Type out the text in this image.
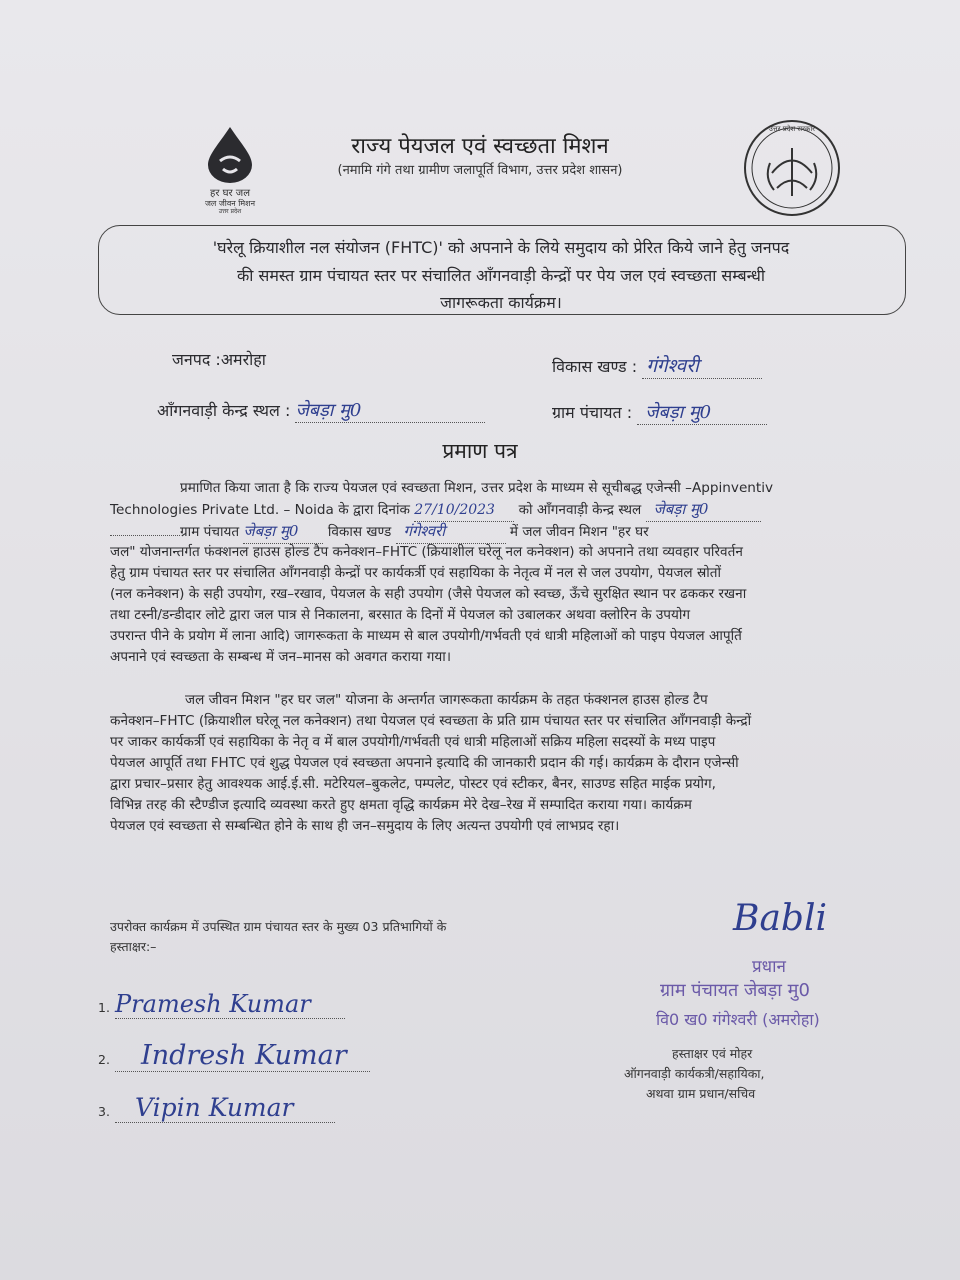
हर घर जल
जल जीवन मिशन
उत्तर प्रदेश
राज्य पेयजल एवं स्वच्छता मिशन
(नमामि गंगे तथा ग्रामीण जलापूर्ति विभाग, उत्तर प्रदेश शासन)
उत्तर प्रदेश सरकार
'घरेलू क्रियाशील नल संयोजन (FHTC)' को अपनाने के लिये समुदाय को प्रेरित किये जाने हेतु जनपद
की समस्त ग्राम पंचायत स्तर पर संचालित आँगनवाड़ी केन्द्रों पर पेय जल एवं स्वच्छता सम्बन्धी
जागरूकता कार्यक्रम।
जनपद :अमरोहा	विकास खण्ड : गंगेश्वरी
आँगनवाड़ी केन्द्र स्थल : जेबड़ा मु0	ग्राम पंचायत : जेबड़ा मु0
प्रमाण पत्र
प्रमाणित किया जाता है कि राज्य पेयजल एवं स्वच्छता मिशन, उत्तर प्रदेश के माध्यम से सूचीबद्ध एजेन्सी –Appinventiv
Technologies Private Ltd. – Noida के द्वारा दिनांक 27/10/2023 को आँगनवाड़ी केन्द्र स्थल जेबड़ा मु0
ग्राम पंचायत जेबड़ा मु0 विकास खण्ड गंगेश्वरी	में जल जीवन मिशन "हर घर
जल" योजनान्तर्गत फंक्शनल हाउस होल्ड टैप कनेक्शन–FHTC (क्रियाशील घरेलू नल कनेक्शन) को अपनाने तथा व्यवहार परिवर्तन
हेतु ग्राम पंचायत स्तर पर संचालित आँगनवाड़ी केन्द्रों पर कार्यकर्त्री एवं सहायिका के नेतृत्व में नल से जल उपयोग, पेयजल स्रोतों
(नल कनेक्शन) के सही उपयोग, रख–रखाव, पेयजल के सही उपयोग (जैसे पेयजल को स्वच्छ, ऊँचे सुरक्षित स्थान पर ढककर रखना
तथा टस्नी/डन्डीदार लोटे द्वारा जल पात्र से निकालना, बरसात के दिनों में पेयजल को उबालकर अथवा क्लोरिन के उपयोग
उपरान्त पीने के प्रयोग में लाना आदि) जागरूकता के माध्यम से बाल उपयोगी/गर्भवती एवं धात्री महिलाओं को पाइप पेयजल आपूर्ति
अपनाने एवं स्वच्छता के सम्बन्ध में जन–मानस को अवगत कराया गया।
जल जीवन मिशन "हर घर जल" योजना के अन्तर्गत जागरूकता कार्यक्रम के तहत फंक्शनल हाउस होल्ड टैप
कनेक्शन–FHTC (क्रियाशील घरेलू नल कनेक्शन) तथा पेयजल एवं स्वच्छता के प्रति ग्राम पंचायत स्तर पर संचालित आँगनवाड़ी केन्द्रों
पर जाकर कार्यकर्त्री एवं सहायिका के नेतृ व में बाल उपयोगी/गर्भवती एवं धात्री महिलाओं सक्रिय महिला सदस्यों के मध्य पाइप
पेयजल आपूर्ति तथा FHTC एवं शुद्ध पेयजल एवं स्वच्छता अपनाने इत्यादि की जानकारी प्रदान की गई। कार्यक्रम के दौरान एजेन्सी
द्वारा प्रचार–प्रसार हेतु आवश्यक आई.ई.सी. मटेरियल–बुकलेट, पम्पलेट, पोस्टर एवं स्टीकर, बैनर, साउण्ड सहित माईक प्रयोग,
विभिन्न तरह की स्टैण्डीज इत्यादि व्यवस्था करते हुए क्षमता वृद्धि कार्यक्रम मेरे देख–रेख में सम्पादित कराया गया। कार्यक्रम
पेयजल एवं स्वच्छता से सम्बन्धित होने के साथ ही जन–समुदाय के लिए अत्यन्त उपयोगी एवं लाभप्रद रहा।
उपरोक्त कार्यक्रम में उपस्थित ग्राम पंचायत स्तर के मुख्य 03 प्रतिभागियों के
हस्ताक्षर:–
1. Pramesh Kumar
2. Indresh Kumar
3. Vipin Kumar
Babli
प्रधान
ग्राम पंचायत जेबड़ा मु0
वि0 ख0 गंगेश्वरी (अमरोहा)
हस्ताक्षर एवं मोहर
ऑगनवाड़ी कार्यकत्री/सहायिका,
अथवा ग्राम प्रधान/सचिव
